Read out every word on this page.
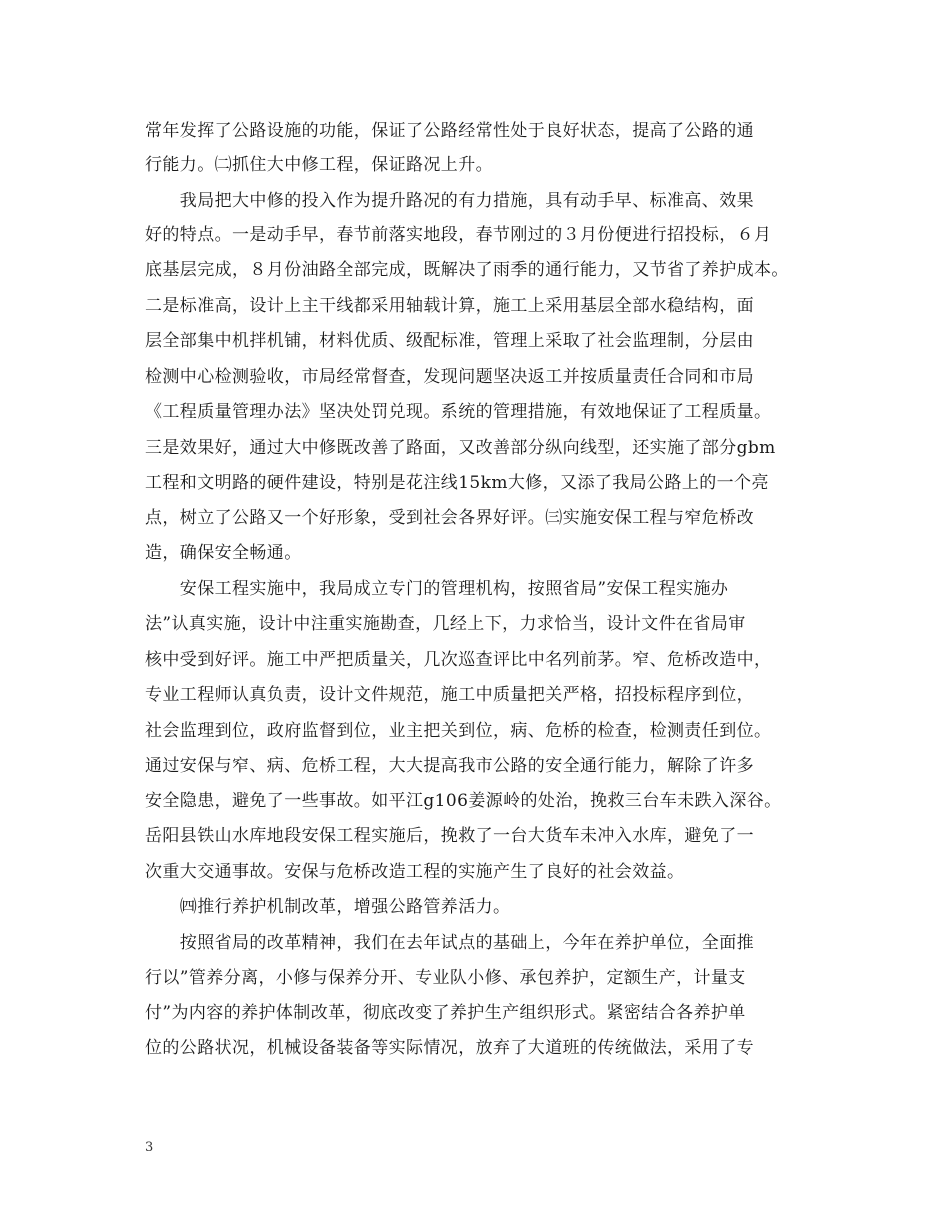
常年发挥了公路设施的功能，保证了公路经常性处于良好状态，提高了公路的通
行能力。㈡抓住大中修工程，保证路况上升。
　　我局把大中修的投入作为提升路况的有力措施，具有动手早、标准高、效果
好的特点。一是动手早，春节前落实地段，春节刚过的３月份便进行招投标，６月
底基层完成，８月份油路全部完成，既解决了雨季的通行能力，又节省了养护成本。
二是标准高，设计上主干线都采用轴载计算，施工上采用基层全部水稳结构，面
层全部集中机拌机铺，材料优质、级配标准，管理上采取了社会监理制，分层由
检测中心检测验收，市局经常督查，发现问题坚决返工并按质量责任合同和市局
《工程质量管理办法》坚决处罚兑现。系统的管理措施，有效地保证了工程质量。
三是效果好，通过大中修既改善了路面，又改善部分纵向线型，还实施了部分gbm
工程和文明路的硬件建设，特别是花注线15km大修，又添了我局公路上的一个亮
点，树立了公路又一个好形象，受到社会各界好评。㈢实施安保工程与窄危桥改
造，确保安全畅通。
　　安保工程实施中，我局成立专门的管理机构，按照省局”安保工程实施办
法”认真实施，设计中注重实施勘查，几经上下，力求恰当，设计文件在省局审
核中受到好评。施工中严把质量关，几次巡查评比中名列前茅。窄、危桥改造中，
专业工程师认真负责，设计文件规范，施工中质量把关严格，招投标程序到位，
社会监理到位，政府监督到位，业主把关到位，病、危桥的检查，检测责任到位。
通过安保与窄、病、危桥工程，大大提高我市公路的安全通行能力，解除了许多
安全隐患，避免了一些事故。如平江g106姜源岭的处治，挽救三台车未跌入深谷。
岳阳县铁山水库地段安保工程实施后，挽救了一台大货车未冲入水库，避免了一
次重大交通事故。安保与危桥改造工程的实施产生了良好的社会效益。
　　㈣推行养护机制改革，增强公路管养活力。
　　按照省局的改革精神，我们在去年试点的基础上，今年在养护单位，全面推
行以”管养分离，小修与保养分开、专业队小修、承包养护，定额生产，计量支
付”为内容的养护体制改革，彻底改变了养护生产组织形式。紧密结合各养护单
位的公路状况，机械设备装备等实际情况，放弃了大道班的传统做法，采用了专
3
